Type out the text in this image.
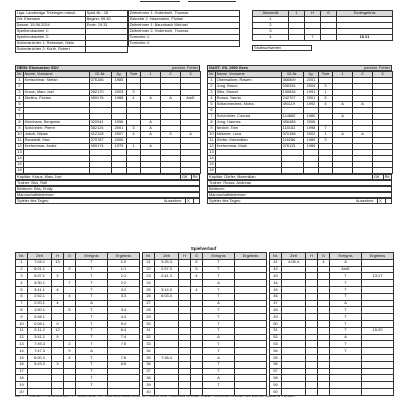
Liga: Landesliga Thüringen männl.	Spiel-Nr.: 28
Ort: Eisenach	Beginn: 09:30
Datum: 15.06.2024	Ende: 10:31
Spielbeobachter 1:	
Spielbeobachter 2:	
Schiedsrichter 1: Rebenkel, Niels	
Schiedsrichter 2: Kurth, Robert	
Zeitnehmer 1: Hollerbuhl, Thomas
Sekretär 2: Hasenstein, Florian
Zeitnehmer 1: Baumbach Michael
Zeitnehmer 2: Hollerbuhl, Thomas
Torrichter 1:
Torrichter 2:
Abschnitt	1	H	G	Endergebnis
1				
2				
3				
4		7		15 21
Strafwurfwerfen
HEIM: Eisenacher SSV	persönl. Fehler
Nr.	Name, Vorname	ID-Nr.	Jg.	Tore	1	2	3
1	Kretschmar, Stefan	076156	1985				
2							
3	Kraus, Marc Joel	282170	2003	3			
4	Dimitru, Florian	459178	1988	4	A	A	AmE
5							
6							
7							
8	Kleinhans, Benjamin	320941	1996		A		
9	Schönherr, Pierre	352124	2001	3	A		
10	Jakob, Niklas	412128	2007	4	A	S	A
11	Ranstedt, Max	370787	2006				
12	Kretschmar, Andre	459174	1979	1	A		
13							
14							
15							
16							
Kapitän: Kraus, Marc Joel	GK	RK
Trainer: Bös, Ralf
Betreuer: Bös, Emily
Mannschaftsbetreuer:
Spieler des Tages:	Auszeiten:	X
GAST: VfL 1990 Gera	persönl. Fehler
Nr.	Name, Vorname	ID-Nr.	Jg.	Tore	1	2	3
1	Oberwallner, Rawen	366809	2001				
2	Jung, Bruno	336334	2004	3			
3	Stitz, Marcel	139634	1991	1			
4	Rossa, Yannic	242707	2001	5			
5	Soltanmeched, Moha..	491119	1992	4	A	A	
6							
7	Schönthier, Conrad	114860	1980		A		
8	Jung, Hannes	456485	2006				
9	Neckel, Tom	115152	1998	7			
10	Metzner, Luca	370158	2002	1	A	A	
11	Dörfer, Maximilian	116286	1989	3			
12	Kretschmar, Maik	076115	1986				
13							
14							
15							
16							
Kapitän: Dörfer, Maximilian	GK	RK
Trainer: Rossa, Andreas
Betreuer:
Mannschaftsbetreuer:
Spieler des Tages:	Auszeiten:	X
Spielverlauf
Nr.	Zeit	H	G	Ereignis	Ergebnis
1	7:04.1	13		T	1:0
2	6:01.1		9	T	1:1
3	5:37.1	3		T	2:1
4	4:30.1		7	T	2:2
5	3:41.1	4		T	3:2
6	2:52.1		4	T	3:3
7	2:20.1	4		A	
8	1:50.1		5	T	3:4
9	0:48.1			T	4:4
10	0:08.1	9		T	5:4
11	5:11.2	12		T	6:4
12	3:51.2	9		T	7:4
13	7:49.3		2	T	7:5
14	7:47.3		9	A	
15	6:00.3		4	T	7:6
16	5:43.3	3		T	8:6
17				T	
18				T	
19				T	
20					
Nr.	Zeit	H	G	Ereignis	Ergebnis
21	3:25.3		5	T	
22	2:57.3		5	T	
23	2:41.3		4	T	
24				A	
25	3:14.3		4	T	
26	6:03.4			T	
27				A	
28				T	
29				T	
30				T	
31				T	
32				A	
33				T	
34				T	
35	7:38.4			A	
36				T	
37				T	
38				A	
39				T	
40					
Nr.	Zeit	H	G	Ereignis	Ergebnis
41	4:06.4		4	A	
42				AmE	
43				T	13:17
44				T	
45				T	
46				T	
47				A	
48				T	
49				T	
50				T	
51				T	15:20
52				A	
53				T	
54				T	
55					
56					
57					
58					
59					
60					
Abk.: T = Torwerfen, A = Ausschluss(en)n, S = Strafwurffehler, AS = Ausschluss/Strafwurffehler, AU = Auszeit, AmE = Ausschluss mit Ersatz, AmEsE = Ausschluss mit Ersatz nach Ende der Spielzeit für 4 Minuten
